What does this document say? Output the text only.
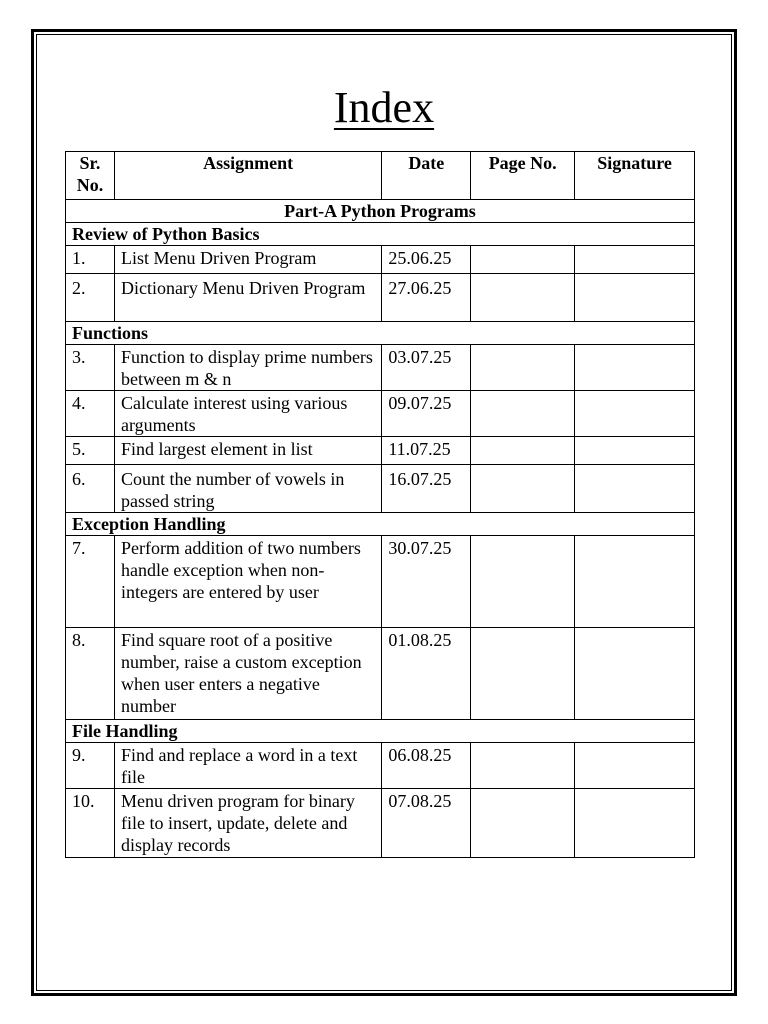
Index
Sr. No.	Assignment	Date	Page No.	Signature
Part-A Python Programs				
Review of Python Basics				
1.	List Menu Driven Program	25.06.25		
2.	Dictionary Menu Driven Program	27.06.25		
Functions				
3.	Function to display prime numbers between m & n	03.07.25		
4.	Calculate interest using various arguments	09.07.25		
5.	Find largest element in list	11.07.25		
6.	Count the number of vowels in passed string	16.07.25		
Exception Handling				
7.	Perform addition of two numbers handle exception when non-integers are entered by user	30.07.25		
8.	Find square root of a positive number, raise a custom exception when user enters a negative number	01.08.25		
File Handling				
9.	Find and replace a word in a text file	06.08.25		
10.	Menu driven program for binary file to insert, update, delete and display records	07.08.25		
